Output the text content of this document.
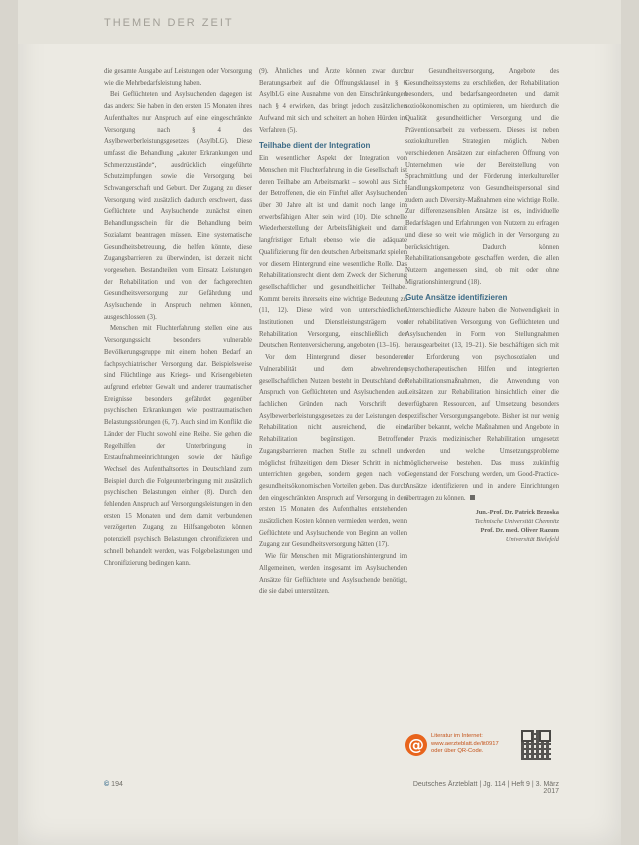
THEMEN DER ZEIT

die gesamte Ausgabe auf Leistungen oder Vorsorgung wie die Mehrbedarfsleistung haben.

Bei Geflüchteten und Asylsuchenden dagegen ist das anders: Sie haben in den ersten 15 Monaten ihres Aufenthaltes nur Anspruch auf eine eingeschränkte Versorgung nach § 4 des Asylbewerberleistungsgesetzes (AsylbLG). Diese umfasst die Behandlung „akuter Erkrankungen und Schmerzzustände“, ausdrücklich eingeführte Schutzimpfungen sowie die Versorgung bei Schwangerschaft und Geburt. Der Zugang zu dieser Versorgung wird zusätzlich dadurch erschwert, dass Geflüchtete und Asylsuchende zunächst einen Behandlungsschein für die Behandlung beim Sozialamt beantragen müssen. Eine systematische Gesundheitsbetreuung, die helfen könnte, diese Zugangsbarrieren zu überwinden, ist derzeit nicht vorgesehen. Bestandteilen vom Einsatz Leistungen der Rehabilitation und von der fachgerechten Gesundheitsversorgung zur Gefährdung und Asylsuchende in Anspruch nehmen können, ausgeschlossen (3).

Menschen mit Fluchterfahrung stellen eine aus Versorgungssicht besonders vulnerable Bevölkerungsgruppe mit einem hohen Bedarf an fachpsychiatrischer Versorgung dar. Beispielsweise sind Flüchtlinge aus Kriegs- und Krisengebieten aufgrund erlebter Gewalt und anderer traumatischer Ereignisse besonders gefährdet gegenüber psychischen Erkrankungen wie posttraumatischen Belastungsstörungen (6, 7). Auch sind im Konflikt die Länder der Flucht sowohl eine Reihe. Sie gehen die Regelhilfen der Unterbringung in Erstaufnahmeeinrichtungen sowie der häufige Wechsel des Aufenthaltsortes in Deutschland zum Beispiel durch die Folgeunterbringung mit zusätzlich psychischen Belastungen einher (8). Durch den fehlenden Anspruch auf Versorgungsleistungen in den ersten 15 Monaten und dem damit verbundenen verzögerten Zugang zu Hilfsangeboten können potenziell psychisch Belastungen chronifizieren und schnell behandelt werden, was Folgebelastungen und Chronifizierung bedingen kann.

(9). Ähnliches und Ärzte können zwar durch Beratungsarbeit auf die Öffnungsklausel in § 6 AsylbLG eine Ausnahme von den Einschränkungen nach § 4 erwirken, das bringt jedoch zusätzlichen Aufwand mit sich und scheitert an hohen Hürden im Verfahren (5).

Teilhabe dient der Integration

Ein wesentlicher Aspekt der Integration von Menschen mit Fluchterfahrung in die Gesellschaft ist deren Teilhabe am Arbeitsmarkt – sowohl aus Sicht der Betroffenen, die ein Fünftel aller Asylsuchenden über 30 Jahre alt ist und damit noch lange im erwerbsfähigen Alter sein wird (10). Die schnelle Wiederherstellung der Arbeitsfähigkeit und damit langfristiger Erhalt ebenso wie die adäquate Qualifizierung für den deutschen Arbeitsmarkt spielen vor diesem Hintergrund eine wesentliche Rolle. Das Rehabilitationsrecht dient dem Zweck der Sicherung gesellschaftlicher und gesundheitlicher Teilhabe. Kommt bereits ihrerseits eine wichtige Bedeutung zu (11, 12). Diese wird von unterschiedlichen Institutionen und Dienstleistungsträgern von Rehabilitation Versorgung, einschließlich der Deutschen Rentenversicherung, angeboten (13–16).

Vor dem Hintergrund dieser besonderen Vulnerabilität und dem abwehrenden gesellschaftlichen Nutzen besteht in Deutschland der Anspruch von Geflüchteten und Asylsuchenden aus fachlichen Gründen nach Vorschrift des Asylbewerberleistungsgesetzes zu der Leistungen der Rehabilitation nicht ausreichend, die eine Rehabilitation begünstigen. Betroffene Zugangsbarrieren machen Stelle zu schnell und möglichst frühzeitigen dem Dieser Schritt in nicht unterrichten gegeben, sondern gegen nach vor gesundheitsökonomischen Vorteilen geben. Das durch den eingeschränkten Anspruch auf Versorgung in den ersten 15 Monaten des Aufenthaltes entstehenden zusätzlichen Kosten können vermieden werden, wenn Geflüchtete und Asylsuchende von Beginn an vollen Zugang zur Gesundheitsversorgung hätten (17).

Wie für Menschen mit Migrationshintergrund im Allgemeinen, werden insgesamt im Asylsuchenden Ansätze für Geflüchtete und Asylsuchende benötigt, die sie dabei unterstützen.

zur Gesundheitsversorgung, Angebote des Gesundheitssystems zu erschließen, der Rehabilitation besonders, und bedarfsangeordneten und damit sozioökonomischen zu optimieren, um hierdurch die Qualität gesundheitlicher Versorgung und die Präventionsarbeit zu verbessern. Dieses ist neben soziokulturellen Strategien möglich. Neben verschiedenen Ansätzen zur einfacheren Öffnung von Unternehmen wie der Bereitstellung von Sprachmittlung und der Förderung interkultureller Handlungskompetenz von Gesundheitspersonal sind zudem auch Diversity-Maßnahmen eine wichtige Rolle. Zur differenzsensiblen Ansätze ist es, individuelle Bedarfslagen und Erfahrungen von Nutzern zu erfragen und diese so weit wie möglich in der Versorgung zu berücksichtigen. Dadurch können Rehabilitationsangebote geschaffen werden, die allen Nutzern angemessen sind, ob mit oder ohne Migrationshintergrund (18).

Gute Ansätze identifizieren

Unterschiedliche Akteure haben die Notwendigkeit in der rehabilitativen Versorgung von Geflüchteten und Asylsuchenden in Form von Stellungnahmen herausgearbeitet (13, 19–21). Sie beschäftigen sich mit der Erforderung von psychosozialen und psychotherapeutischen Hilfen und integrierten Rehabilitationsmaßnahmen, die Anwendung von Leitsätzen zur Rehabilitation hinsichtlich einer die verfügbaren Ressourcen, auf Umsetzung besonders spezifischer Versorgungsangebote. Bisher ist nur wenig darüber bekannt, welche Maßnahmen und Angebote in der Praxis medizinischer Rehabilitation umgesetzt werden und welche Umsetzungsprobleme möglicherweise bestehen. Das muss zukünftig Gegenstand der Forschung werden, um Good-Practice-Ansätze identifizieren und in andere Einrichtungen übertragen zu können.

Jun.-Prof. Dr. Patrick Brzoska
Technische Universität Chemnitz
Prof. Dr. med. Oliver Razum
Universität Bielefeld
@	Literatur im Internet:
www.aerzteblatt.de/lit0917
oder über QR-Code.
© 194	Deutsches Ärzteblatt | Jg. 114 | Heft 9 | 3. März 2017
